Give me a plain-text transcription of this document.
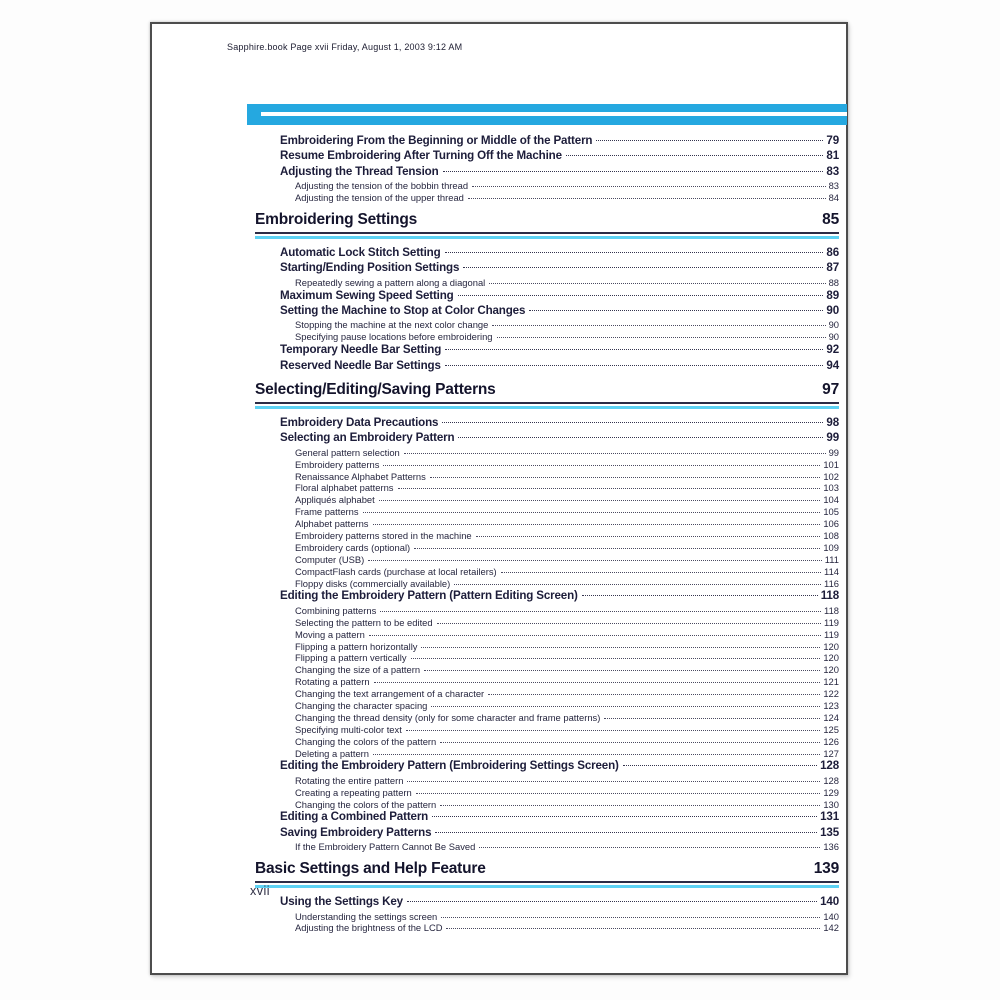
Sapphire.book Page xvii Friday, August 1, 2003 9:12 AM
Embroidering From the Beginning or Middle of the Pattern	79
Resume Embroidering After Turning Off the Machine	81
Adjusting the Thread Tension	83
Adjusting the tension of the bobbin thread	83
Adjusting the tension of the upper thread	84
Embroidering Settings	85
Automatic Lock Stitch Setting	86
Starting/Ending Position Settings	87
Repeatedly sewing a pattern along a diagonal	88
Maximum Sewing Speed Setting	89
Setting the Machine to Stop at Color Changes	90
Stopping the machine at the next color change	90
Specifying pause locations before embroidering	90
Temporary Needle Bar Setting	92
Reserved Needle Bar Settings	94
Selecting/Editing/Saving Patterns	97
Embroidery Data Precautions	98
Selecting an Embroidery Pattern	99
General pattern selection	99
Embroidery patterns	101
Renaissance Alphabet Patterns	102
Floral alphabet patterns	103
Appliqués alphabet	104
Frame patterns	105
Alphabet patterns	106
Embroidery patterns stored in the machine	108
Embroidery cards (optional)	109
Computer (USB)	111
CompactFlash cards (purchase at local retailers)	114
Floppy disks (commercially available)	116
Editing the Embroidery Pattern (Pattern Editing Screen)	118
Combining patterns	118
Selecting the pattern to be edited	119
Moving a pattern	119
Flipping a pattern horizontally	120
Flipping a pattern vertically	120
Changing the size of a pattern	120
Rotating a pattern	121
Changing the text arrangement of a character	122
Changing the character spacing	123
Changing the thread density (only for some character and frame patterns)	124
Specifying multi-color text	125
Changing the colors of the pattern	126
Deleting a pattern	127
Editing the Embroidery Pattern (Embroidering Settings Screen)	128
Rotating the entire pattern	128
Creating a repeating pattern	129
Changing the colors of the pattern	130
Editing a Combined Pattern	131
Saving Embroidery Patterns	135
If the Embroidery Pattern Cannot Be Saved	136
Basic Settings and Help Feature	139
Using the Settings Key	140
Understanding the settings screen	140
Adjusting the brightness of the LCD	142
xvii
